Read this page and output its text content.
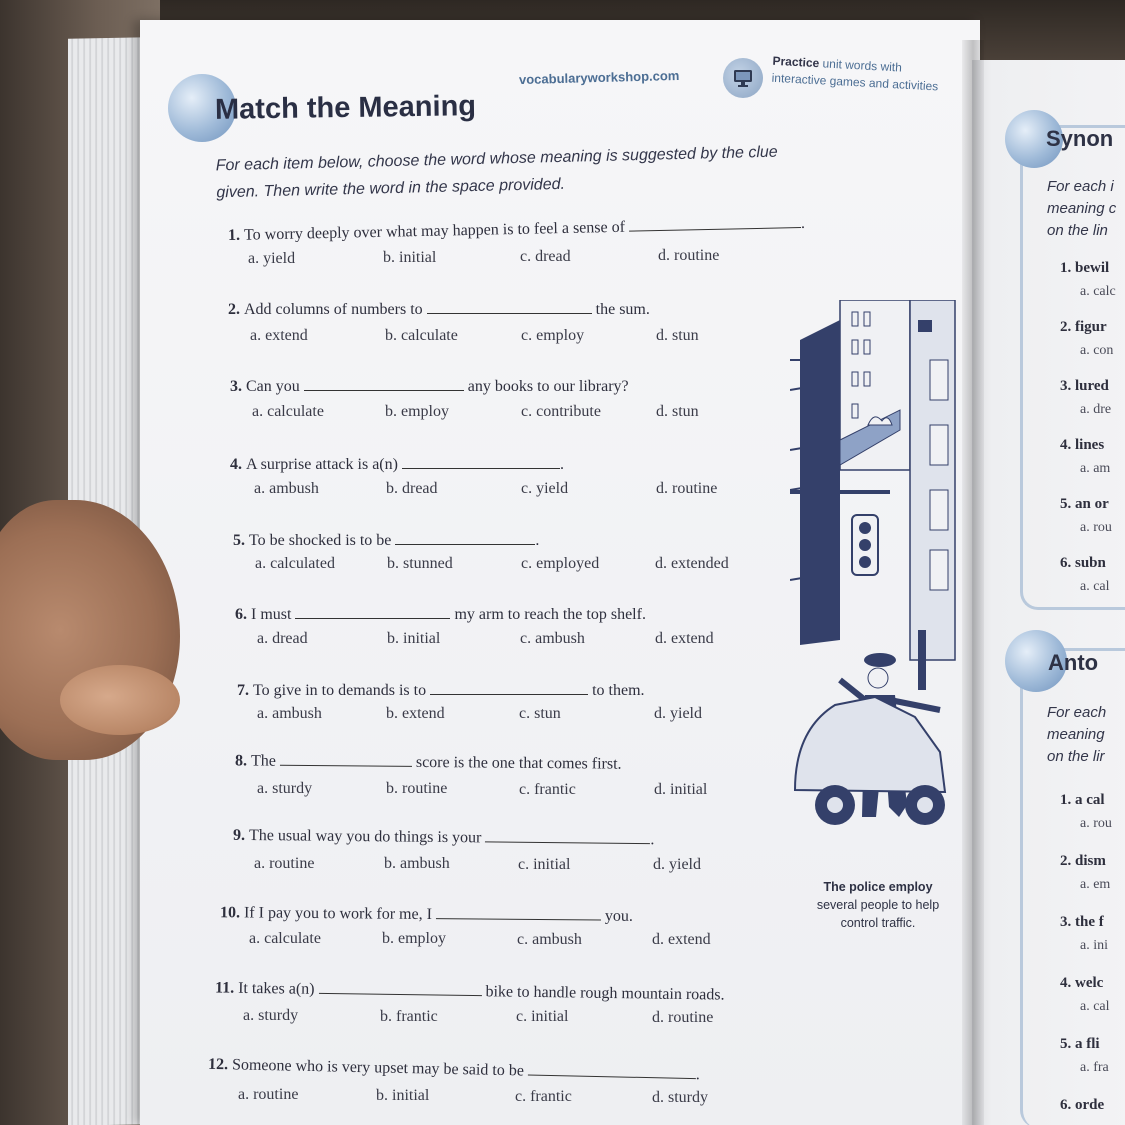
Match the Meaning
vocabularyworkshop.com
Practice unit words with
interactive games and activities
For each item below, choose the word whose meaning is suggested by the clue given. Then write the word in the space provided.
1. To worry deeply over what may happen is to feel a sense of	.
a. yield	b. initial	c. dread	d. routine
2. Add columns of numbers to	the sum.
a. extend	b. calculate	c. employ	d. stun
3. Can you	any books to our library?
a. calculate	b. employ	c. contribute	d. stun
4. A surprise attack is a(n)	.
a. ambush	b. dread	c. yield	d. routine
5. To be shocked is to be	.
a. calculated	b. stunned	c. employed	d. extended
6. I must	my arm to reach the top shelf.
a. dread	b. initial	c. ambush	d. extend
7. To give in to demands is to	to them.
a. ambush	b. extend	c. stun	d. yield
8. The	score is the one that comes first.
a. sturdy	b. routine	c. frantic	d. initial
9. The usual way you do things is your	.
a. routine	b. ambush	c. initial	d. yield
10. If I pay you to work for me, I	you.
a. calculate	b. employ	c. ambush	d. extend
11. It takes a(n)	bike to handle rough mountain roads.
a. sturdy	b. frantic	c. initial	d. routine
12. Someone who is very upset may be said to be	.
a. routine	b. initial	c. frantic	d. sturdy
The police employ
several people to help control traffic.
Synon
Anto
For each i
meaning c
on the lin
1. bewil
a. calc
2. figur
a. con
3. lured
a. dre
4. lines
a. am
5. an or
a. rou
6. subn
a. cal
For each
meaning
on the lir
1. a cal
a. rou
2. dism
a. em
3. the f
a. ini
4. welc
a. cal
5. a fli
a. fra
6. orde
